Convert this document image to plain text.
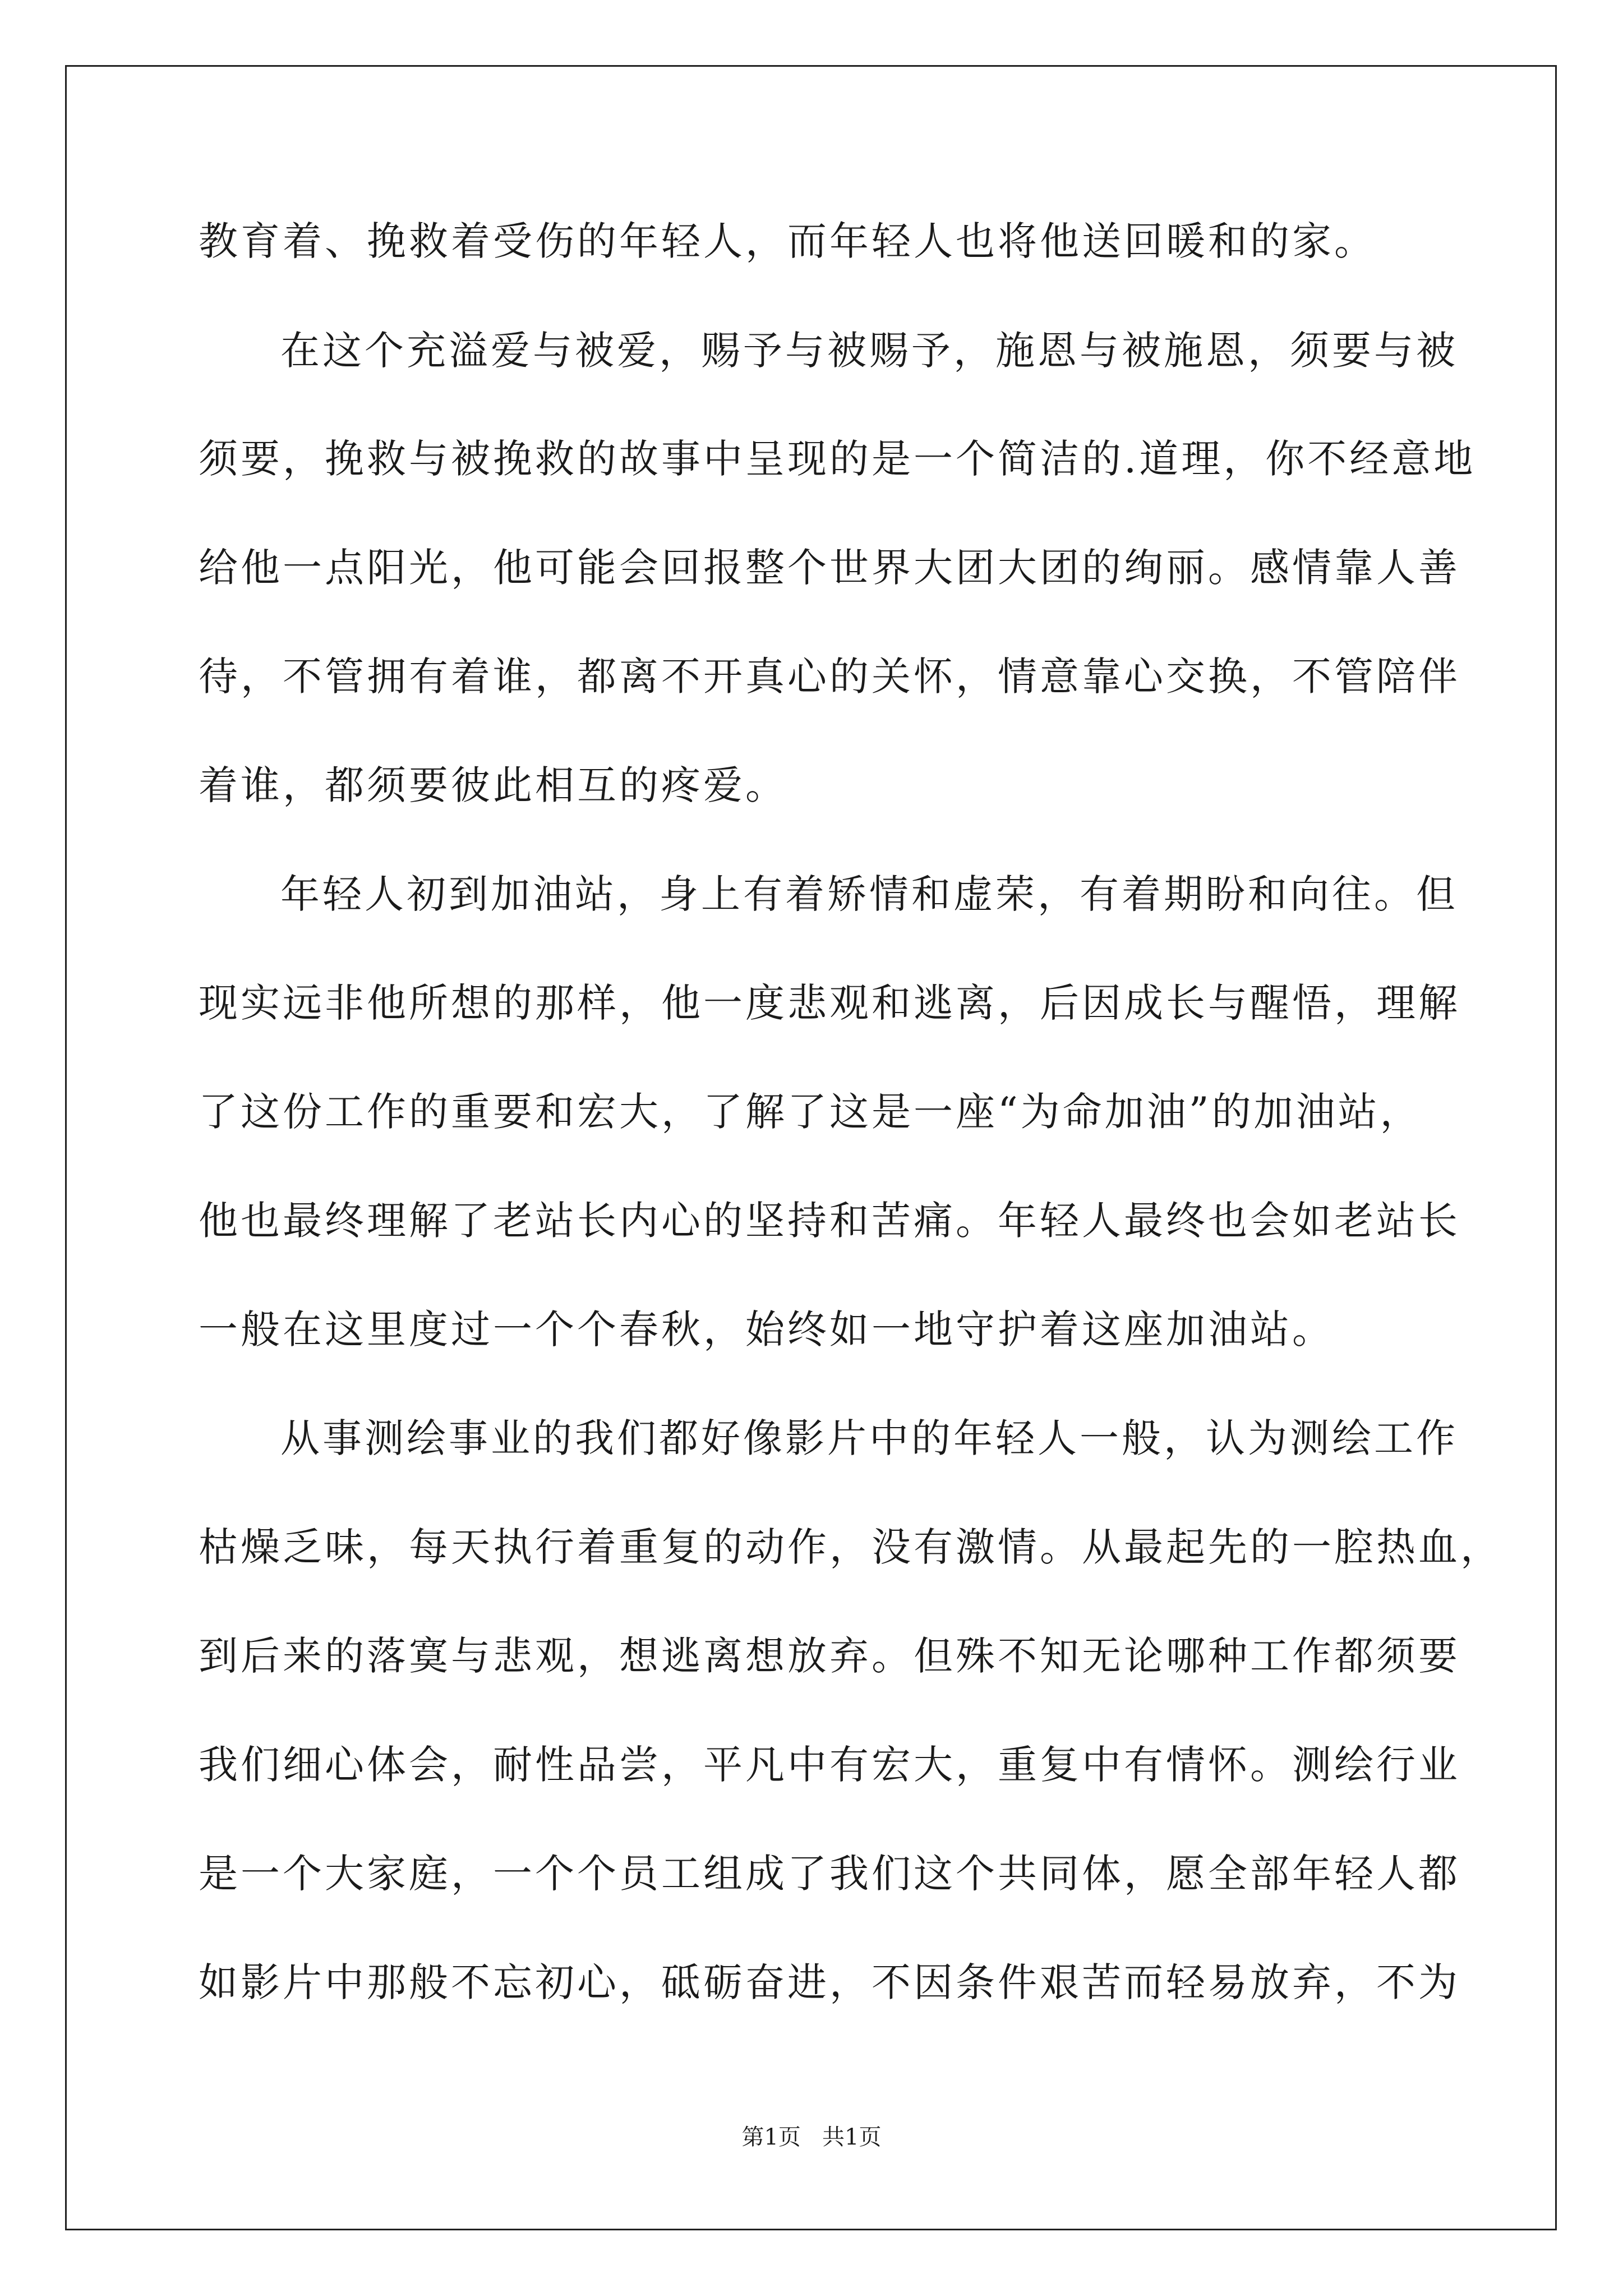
教育着、挽救着受伤的年轻人，而年轻人也将他送回暖和的家。

在这个充溢爱与被爱，赐予与被赐予，施恩与被施恩，须要与被

须要，挽救与被挽救的故事中呈现的是一个简洁的.道理，你不经意地

给他一点阳光，他可能会回报整个世界大团大团的绚丽。感情靠人善

待，不管拥有着谁，都离不开真心的关怀，情意靠心交换，不管陪伴

着谁，都须要彼此相互的疼爱。

年轻人初到加油站，身上有着矫情和虚荣，有着期盼和向往。但

现实远非他所想的那样，他一度悲观和逃离，后因成长与醒悟，理解

了这份工作的重要和宏大，了解了这是一座“为命加油”的加油站，

他也最终理解了老站长内心的坚持和苦痛。年轻人最终也会如老站长

一般在这里度过一个个春秋，始终如一地守护着这座加油站。

从事测绘事业的我们都好像影片中的年轻人一般，认为测绘工作

枯燥乏味，每天执行着重复的动作，没有激情。从最起先的一腔热血，

到后来的落寞与悲观，想逃离想放弃。但殊不知无论哪种工作都须要

我们细心体会，耐性品尝，平凡中有宏大，重复中有情怀。测绘行业

是一个大家庭，一个个员工组成了我们这个共同体，愿全部年轻人都

如影片中那般不忘初心，砥砺奋进，不因条件艰苦而轻易放弃，不为

第1页   共1页
